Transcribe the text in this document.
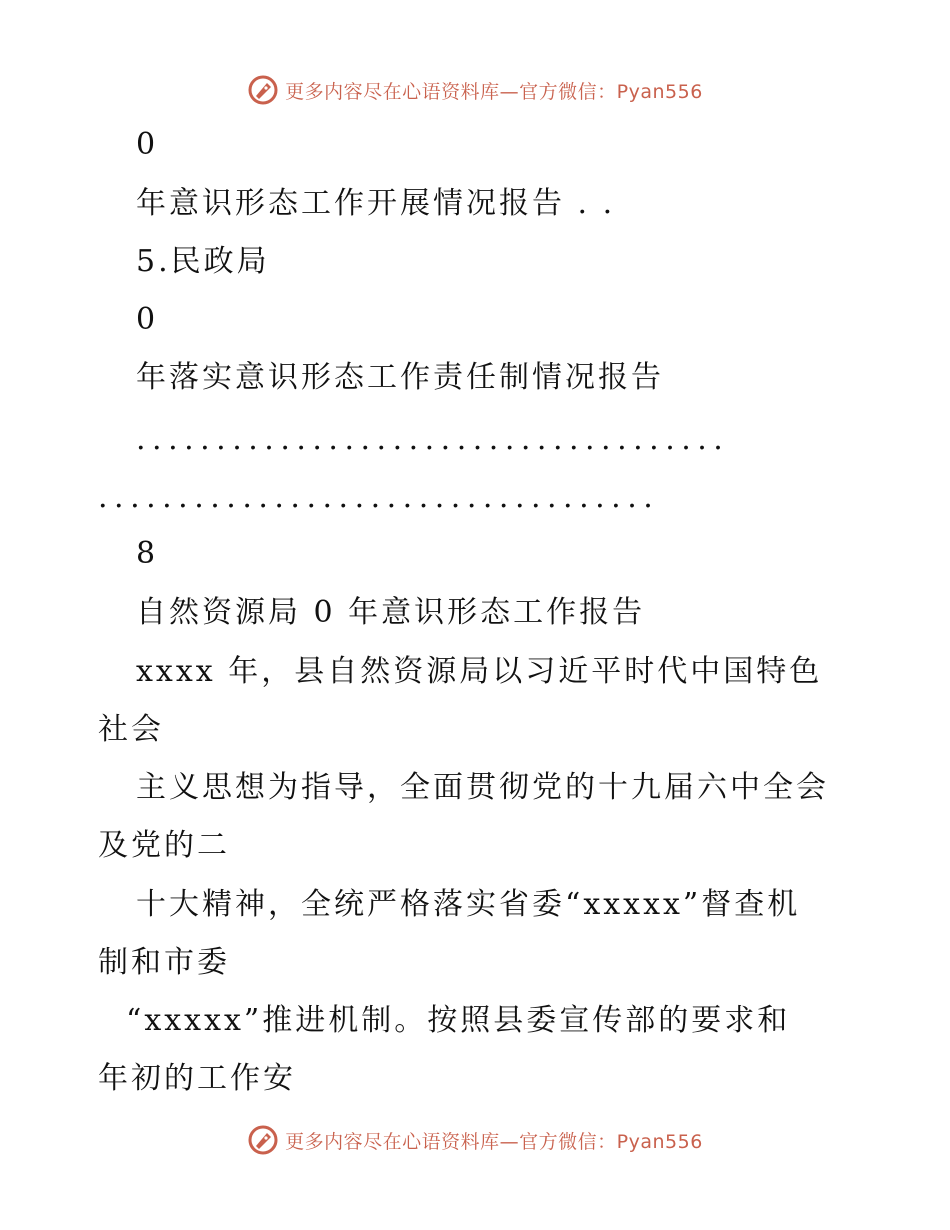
更多内容尽在心语资料库—官方微信：Pyan556
0
年意识形态工作开展情况报告 . .
5.民政局
0
年落实意识形态工作责任制情况报告
.....................................
...................................
8
自然资源局 0 年意识形态工作报告
xxxx 年，县自然资源局以习近平时代中国特色
社会
主义思想为指导，全面贯彻党的十九届六中全会
及党的二
十大精神，全统严格落实省委“xxxxx”督查机
制和市委
“xxxxx”推进机制。按照县委宣传部的要求和
年初的工作安
更多内容尽在心语资料库—官方微信：Pyan556
